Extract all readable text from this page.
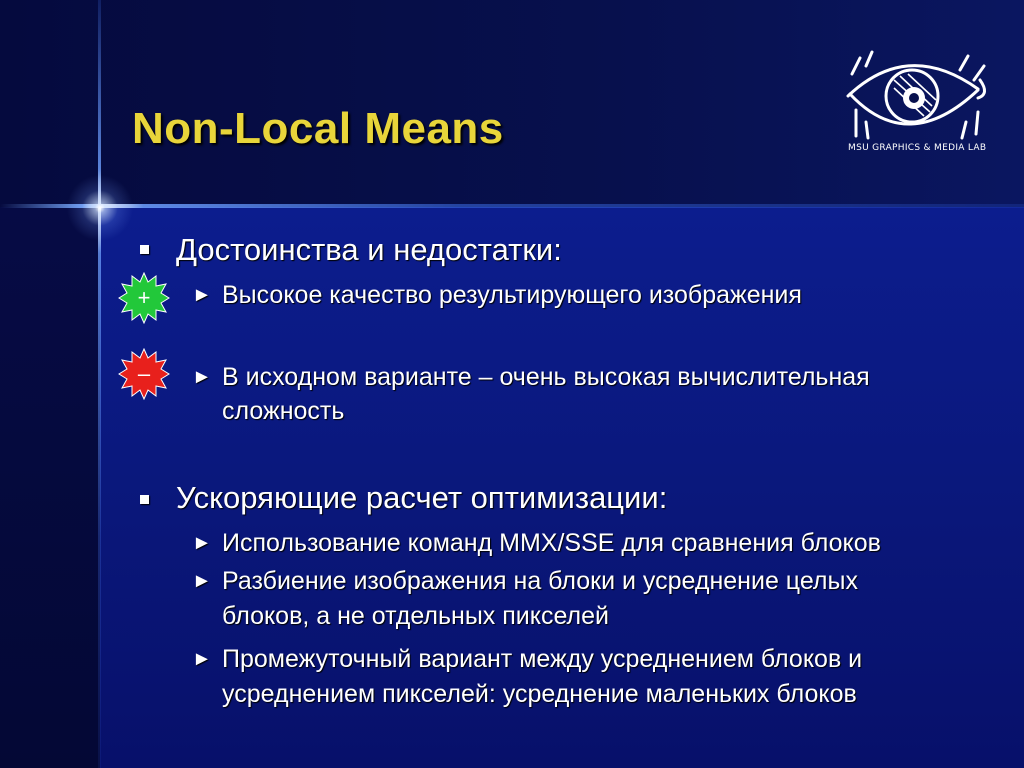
Non-Local Means	MSU GRAPHICS & MEDIA LAB
Достоинства и недостатки:
+ ► Высокое качество результирующего изображения
– ► В исходном варианте – очень высокая вычислительная
сложность
Ускоряющие расчет оптимизации:
► Использование команд MMX/SSE для сравнения блоков
► Разбиение изображения на блоки и усреднение целых
блоков, а не отдельных пикселей
► Промежуточный вариант между усреднением блоков и
усреднением пикселей: усреднение маленьких блоков
